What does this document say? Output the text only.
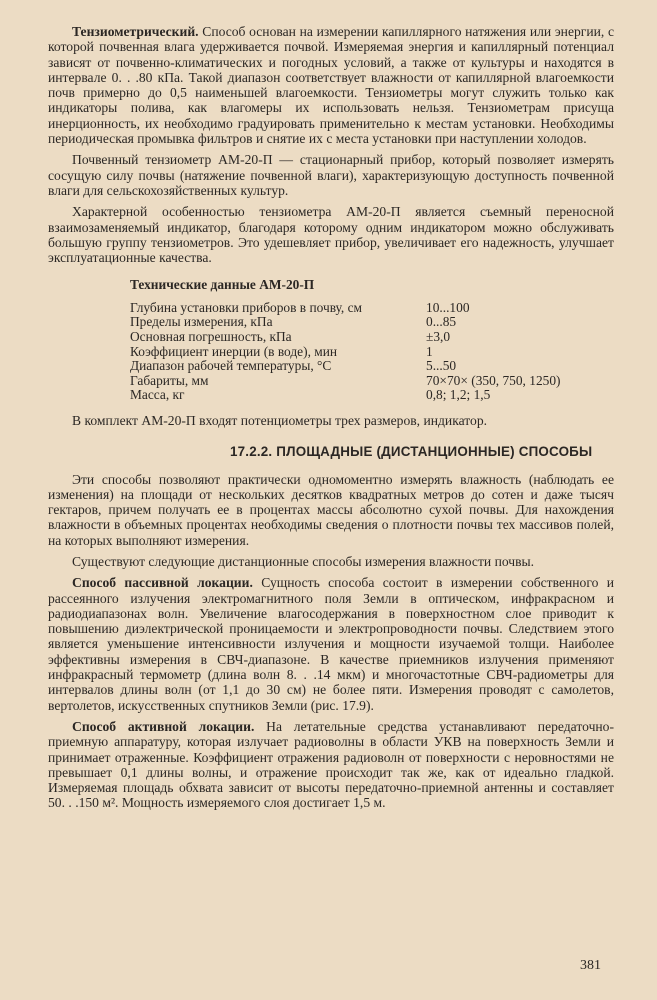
Тензиометрический. Способ основан на измерении капиллярного натяжения или энергии, с которой почвенная влага удерживается почвой. Измеряемая энергия и капиллярный потенциал зависят от почвенно-климатических и погодных условий, а также от культуры и находятся в интервале 0. . .80 кПа. Такой диапазон соответствует влажности от капиллярной влагоемкости почв примерно до 0,5 наименьшей влагоемкости. Тензиометры могут служить только как индикаторы полива, как влагомеры их использовать нельзя. Тензиометрам присуща инерционность, их необходимо градуировать применительно к местам установки. Необходимы периодическая промывка фильтров и снятие их с места установки при наступлении холодов.

Почвенный тензиометр АМ-20-П — стационарный прибор, который позволяет измерять сосущую силу почвы (натяжение почвенной влаги), характеризующую доступность почвенной влаги для сельскохозяйственных культур.

Характерной особенностью тензиометра АМ-20-П является съемный переносной взаимозаменяемый индикатор, благодаря которому одним индикатором можно обслуживать большую группу тензиометров. Это удешевляет прибор, увеличивает его надежность, улучшает эксплуатационные качества.

Технические данные АМ-20-П
Глубина установки приборов в почву, см	10...100
Пределы измерения, кПа	0...85
Основная погрешность, кПа	±3,0
Коэффициент инерции (в воде), мин	1
Диапазон рабочей температуры, °С	5...50
Габариты, мм	70×70× (350, 750, 1250)
Масса, кг	0,8; 1,2; 1,5

В комплект АМ-20-П входят потенциометры трех размеров, индикатор.

17.2.2. ПЛОЩАДНЫЕ (ДИСТАНЦИОННЫЕ) СПОСОБЫ

Эти способы позволяют практически одномоментно измерять влажность (наблюдать ее изменения) на площади от нескольких десятков квадратных метров до сотен и даже тысяч гектаров, причем получать ее в процентах массы абсолютно сухой почвы. Для нахождения влажности в объемных процентах необходимы сведения о плотности почвы тех массивов полей, на которых выполняют измерения.

Существуют следующие дистанционные способы измерения влажности почвы.

Способ пассивной локации. Сущность способа состоит в измерении собственного и рассеянного излучения электромагнитного поля Земли в оптическом, инфракрасном и радиодиапазонах волн. Увеличение влагосодержания в поверхностном слое приводит к повышению диэлектрической проницаемости и электропроводности почвы. Следствием этого является уменьшение интенсивности излучения и мощности изучаемой толщи. Наиболее эффективны измерения в СВЧ-диапазоне. В качестве приемников излучения применяют инфракрасный термометр (длина волн 8. . .14 мкм) и многочастотные СВЧ-радиометры для интервалов длины волн (от 1,1 до 30 см) не более пяти. Измерения проводят с самолетов, вертолетов, искусственных спутников Земли (рис. 17.9).

Способ активной локации. На летательные средства устанавливают передаточно-приемную аппаратуру, которая излучает радиоволны в области УКВ на поверхность Земли и принимает отраженные. Коэффициент отражения радиоволн от поверхности с неровностями не превышает 0,1 длины волны, и отражение происходит так же, как от идеально гладкой. Измеряемая площадь обхвата зависит от высоты передаточно-приемной антенны и составляет 50. . .150 м². Мощность измеряемого слоя достигает 1,5 м.

381
